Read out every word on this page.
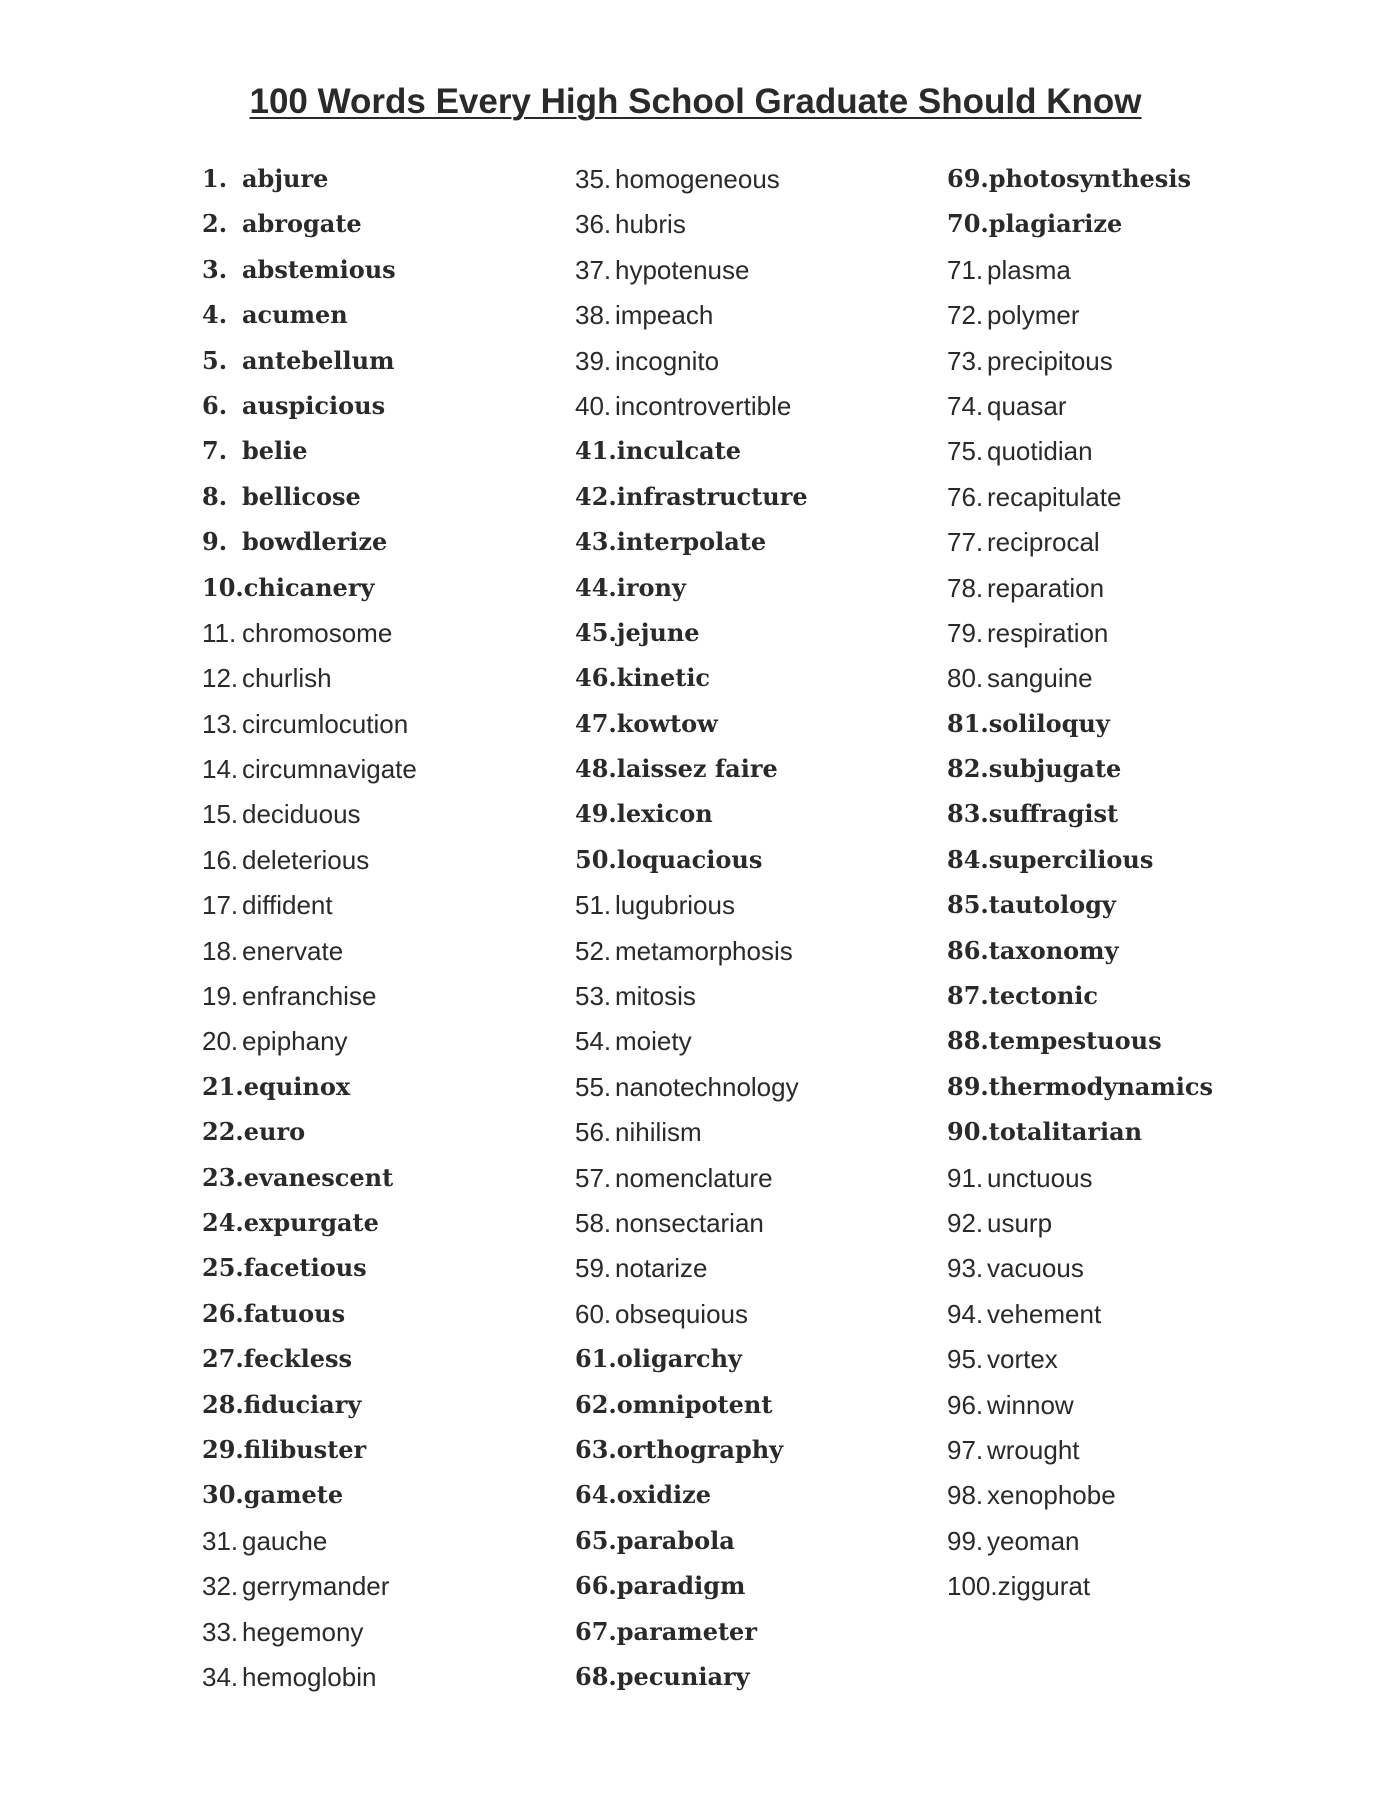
100 Words Every High School Graduate Should Know
1. abjure
2. abrogate
3. abstemious
4. acumen
5. antebellum
6. auspicious
7. belie
8. bellicose
9. bowdlerize
10. chicanery
11. chromosome
12. churlish
13. circumlocution
14. circumnavigate
15. deciduous
16. deleterious
17. diffident
18. enervate
19. enfranchise
20. epiphany
21. equinox
22. euro
23. evanescent
24. expurgate
25. facetious
26. fatuous
27. feckless
28. fiduciary
29. filibuster
30. gamete
31. gauche
32. gerrymander
33. hegemony
34. hemoglobin
35. homogeneous
36. hubris
37. hypotenuse
38. impeach
39. incognito
40. incontrovertible
41. inculcate
42. infrastructure
43. interpolate
44. irony
45. jejune
46. kinetic
47. kowtow
48. laissez faire
49. lexicon
50. loquacious
51. lugubrious
52. metamorphosis
53. mitosis
54. moiety
55. nanotechnology
56. nihilism
57. nomenclature
58. nonsectarian
59. notarize
60. obsequious
61. oligarchy
62. omnipotent
63. orthography
64. oxidize
65. parabola
66. paradigm
67. parameter
68. pecuniary
69. photosynthesis
70. plagiarize
71. plasma
72. polymer
73. precipitous
74. quasar
75. quotidian
76. recapitulate
77. reciprocal
78. reparation
79. respiration
80. sanguine
81. soliloquy
82. subjugate
83. suffragist
84. supercilious
85. tautology
86. taxonomy
87. tectonic
88. tempestuous
89. thermodynamics
90. totalitarian
91. unctuous
92. usurp
93. vacuous
94. vehement
95. vortex
96. winnow
97. wrought
98. xenophobe
99. yeoman
100. ziggurat
